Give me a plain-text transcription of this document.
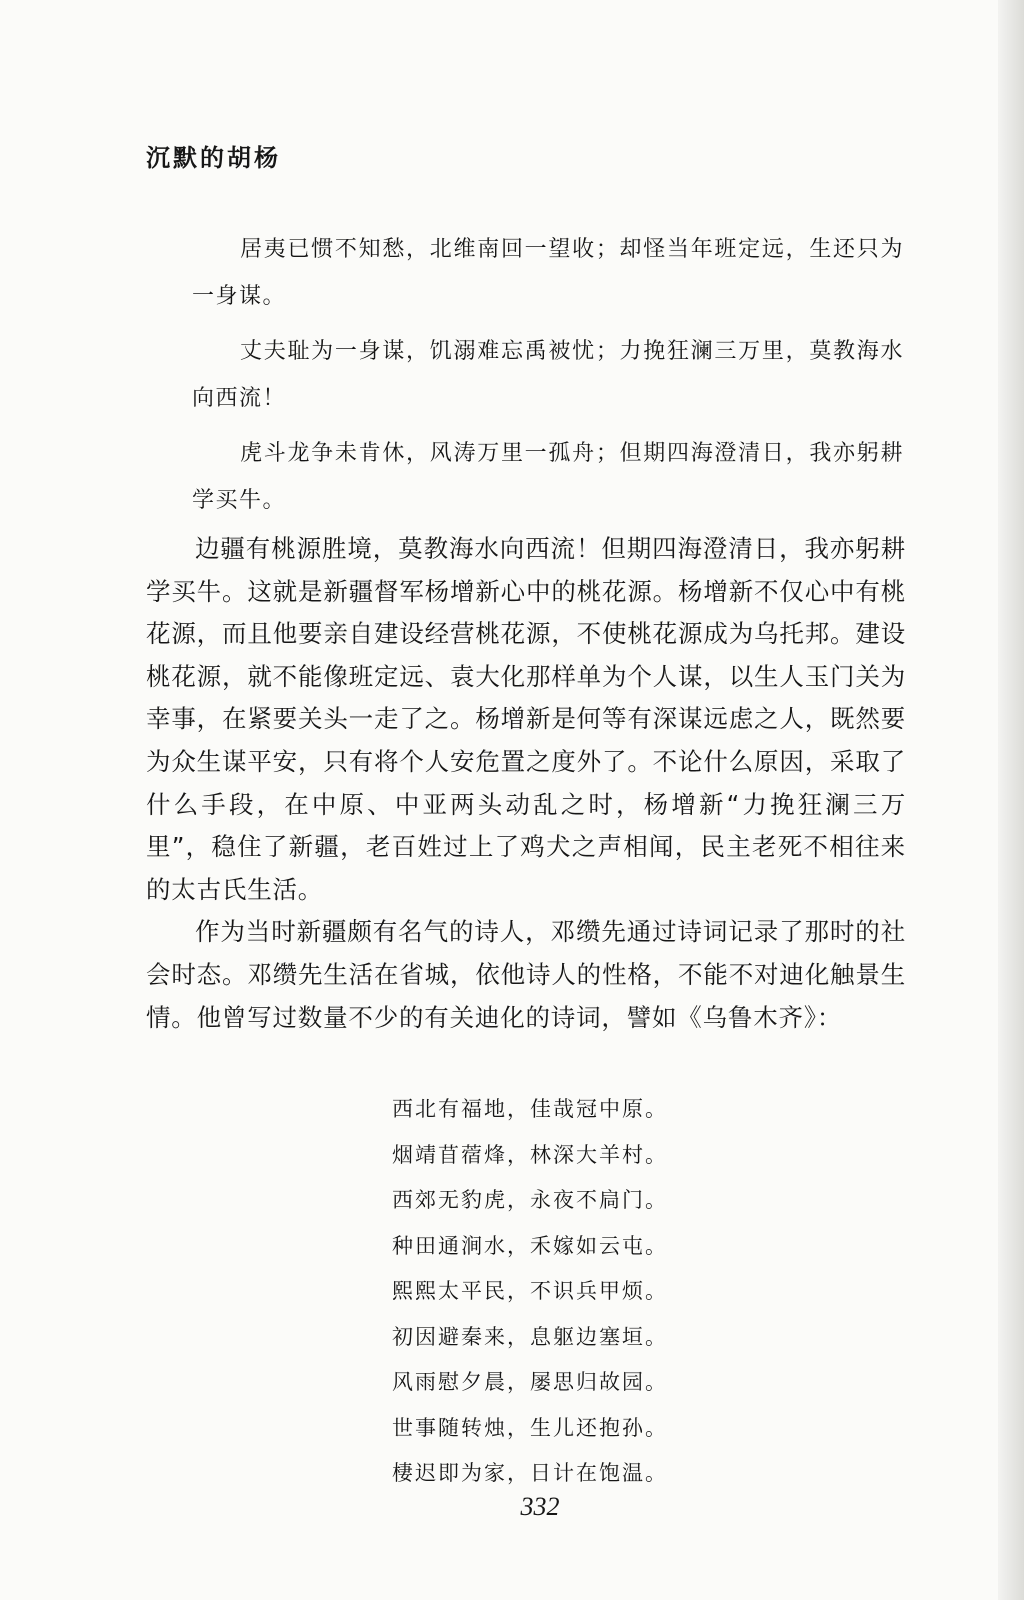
沉默的胡杨

居夷已惯不知愁，北维南回一望收；却怪当年班定远，生还只为一身谋。

丈夫耻为一身谋，饥溺难忘禹被忧；力挽狂澜三万里，莫教海水向西流！

虎斗龙争未肯休，风涛万里一孤舟；但期四海澄清日，我亦躬耕学买牛。

边疆有桃源胜境，莫教海水向西流！但期四海澄清日，我亦躬耕学买牛。这就是新疆督军杨增新心中的桃花源。杨增新不仅心中有桃花源，而且他要亲自建设经营桃花源，不使桃花源成为乌托邦。建设桃花源，就不能像班定远、袁大化那样单为个人谋，以生人玉门关为幸事，在紧要关头一走了之。杨增新是何等有深谋远虑之人，既然要为众生谋平安，只有将个人安危置之度外了。不论什么原因，采取了什么手段，在中原、中亚两头动乱之时，杨增新“力挽狂澜三万里”，稳住了新疆，老百姓过上了鸡犬之声相闻，民主老死不相往来的太古氏生活。

作为当时新疆颇有名气的诗人，邓缵先通过诗词记录了那时的社会时态。邓缵先生活在省城，依他诗人的性格，不能不对迪化触景生情。他曾写过数量不少的有关迪化的诗词，譬如《乌鲁木齐》：

西北有福地，佳哉冠中原。
烟靖苜蓿烽，林深大羊村。
西郊无豹虎，永夜不扃门。
种田通涧水，禾嫁如云屯。
熙熙太平民，不识兵甲烦。
初因避秦来，息躯边塞垣。
风雨慰夕晨，屡思归故园。
世事随转烛，生儿还抱孙。
棲迟即为家，日计在饱温。
332
